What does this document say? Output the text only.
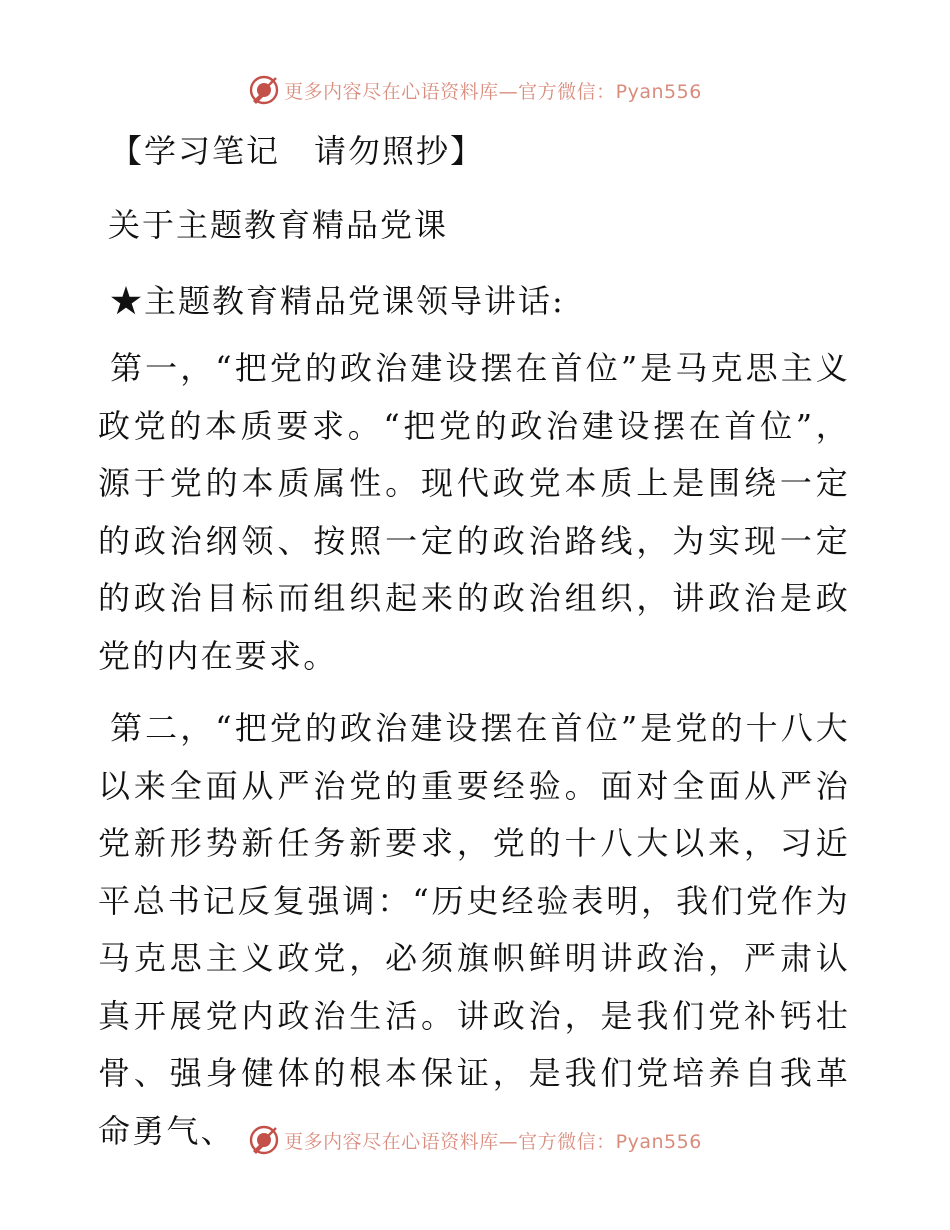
更多内容尽在心语资料库—官方微信：Pyan556
【学习笔记　请勿照抄】
关于主题教育精品党课
★主题教育精品党课领导讲话:
第一，“把党的政治建设摆在首位”是马克思主义政党的本质要求。“把党的政治建设摆在首位”，源于党的本质属性。现代政党本质上是围绕一定的政治纲领、按照一定的政治路线，为实现一定的政治目标而组织起来的政治组织，讲政治是政党的内在要求。
第二，“把党的政治建设摆在首位”是党的十八大以来全面从严治党的重要经验。面对全面从严治党新形势新任务新要求，党的十八大以来，习近平总书记反复强调：“历史经验表明，我们党作为马克思主义政党，必须旗帜鲜明讲政治，严肃认真开展党内政治生活。讲政治，是我们党补钙壮骨、强身健体的根本保证，是我们党培养自我革命勇气、	更多内容尽在心语资料库—官方微信：Pyan556
